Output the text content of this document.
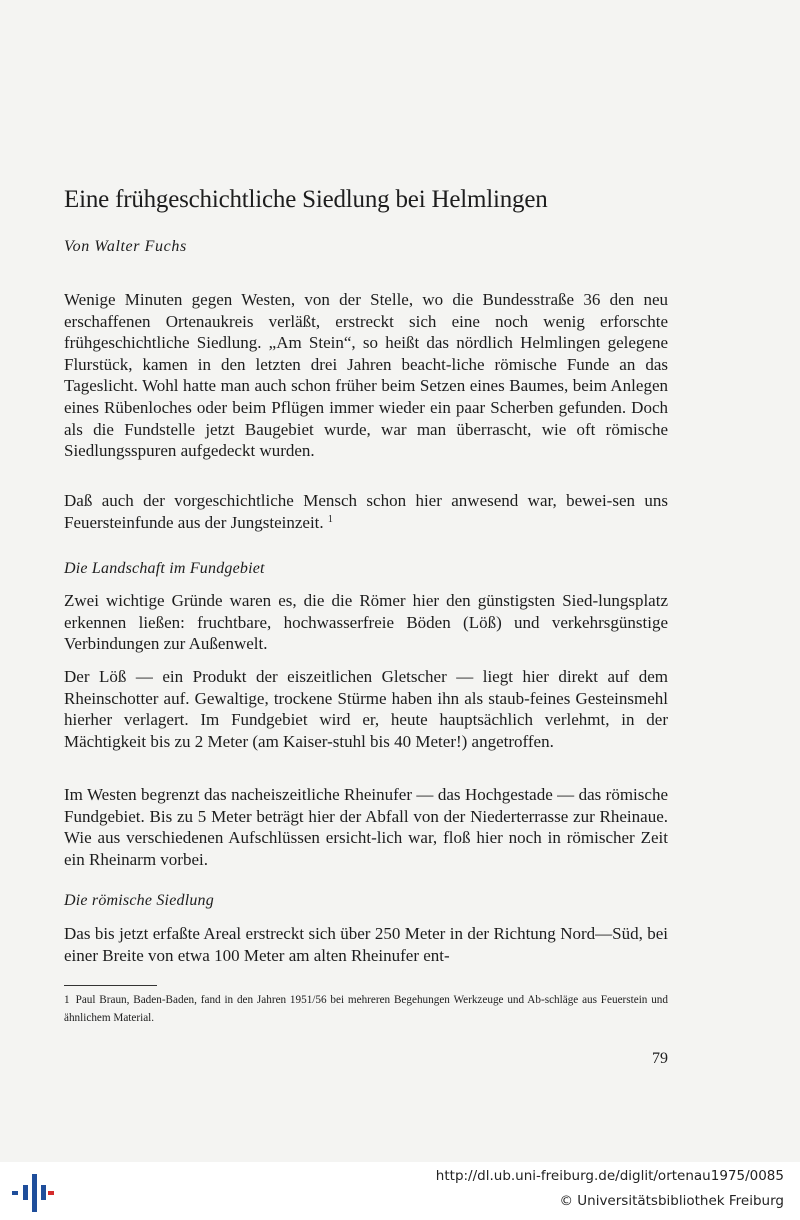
Eine frühgeschichtliche Siedlung bei Helmlingen
Von Walter Fuchs

Wenige Minuten gegen Westen, von der Stelle, wo die Bundesstraße 36 den neu erschaffenen Ortenaukreis verläßt, erstreckt sich eine noch wenig erforschte frühgeschichtliche Siedlung. „Am Stein“, so heißt das nördlich Helmlingen gelegene Flurstück, kamen in den letzten drei Jahren beacht-liche römische Funde an das Tageslicht. Wohl hatte man auch schon früher beim Setzen eines Baumes, beim Anlegen eines Rübenloches oder beim Pflügen immer wieder ein paar Scherben gefunden. Doch als die Fundstelle jetzt Baugebiet wurde, war man überrascht, wie oft römische Siedlungsspuren aufgedeckt wurden.

Daß auch der vorgeschichtliche Mensch schon hier anwesend war, bewei-sen uns Feuersteinfunde aus der Jungsteinzeit. $^1$

Die Landschaft im Fundgebiet

Zwei wichtige Gründe waren es, die die Römer hier den günstigsten Sied-lungsplatz erkennen ließen: fruchtbare, hochwasserfreie Böden (Löß) und verkehrsgünstige Verbindungen zur Außenwelt.

Der Löß — ein Produkt der eiszeitlichen Gletscher — liegt hier direkt auf dem Rheinschotter auf. Gewaltige, trockene Stürme haben ihn als staub-feines Gesteinsmehl hierher verlagert. Im Fundgebiet wird er, heute hauptsächlich verlehmt, in der Mächtigkeit bis zu 2 Meter (am Kaiser-stuhl bis 40 Meter!) angetroffen.

Im Westen begrenzt das nacheiszeitliche Rheinufer — das Hochgestade — das römische Fundgebiet. Bis zu 5 Meter beträgt hier der Abfall von der Niederterrasse zur Rheinaue. Wie aus verschiedenen Aufschlüssen ersicht-lich war, floß hier noch in römischer Zeit ein Rheinarm vorbei.

Die römische Siedlung

Das bis jetzt erfaßte Areal erstreckt sich über 250 Meter in der Richtung Nord—Süd, bei einer Breite von etwa 100 Meter am alten Rheinufer ent-

1 Paul Braun, Baden-Baden, fand in den Jahren 1951/56 bei mehreren Begehungen Werkzeuge und Ab-schläge aus Feuerstein und ähnlichem Material.

79
http://dl.ub.uni-freiburg.de/diglit/ortenau1975/0085
© Universitätsbibliothek Freiburg
